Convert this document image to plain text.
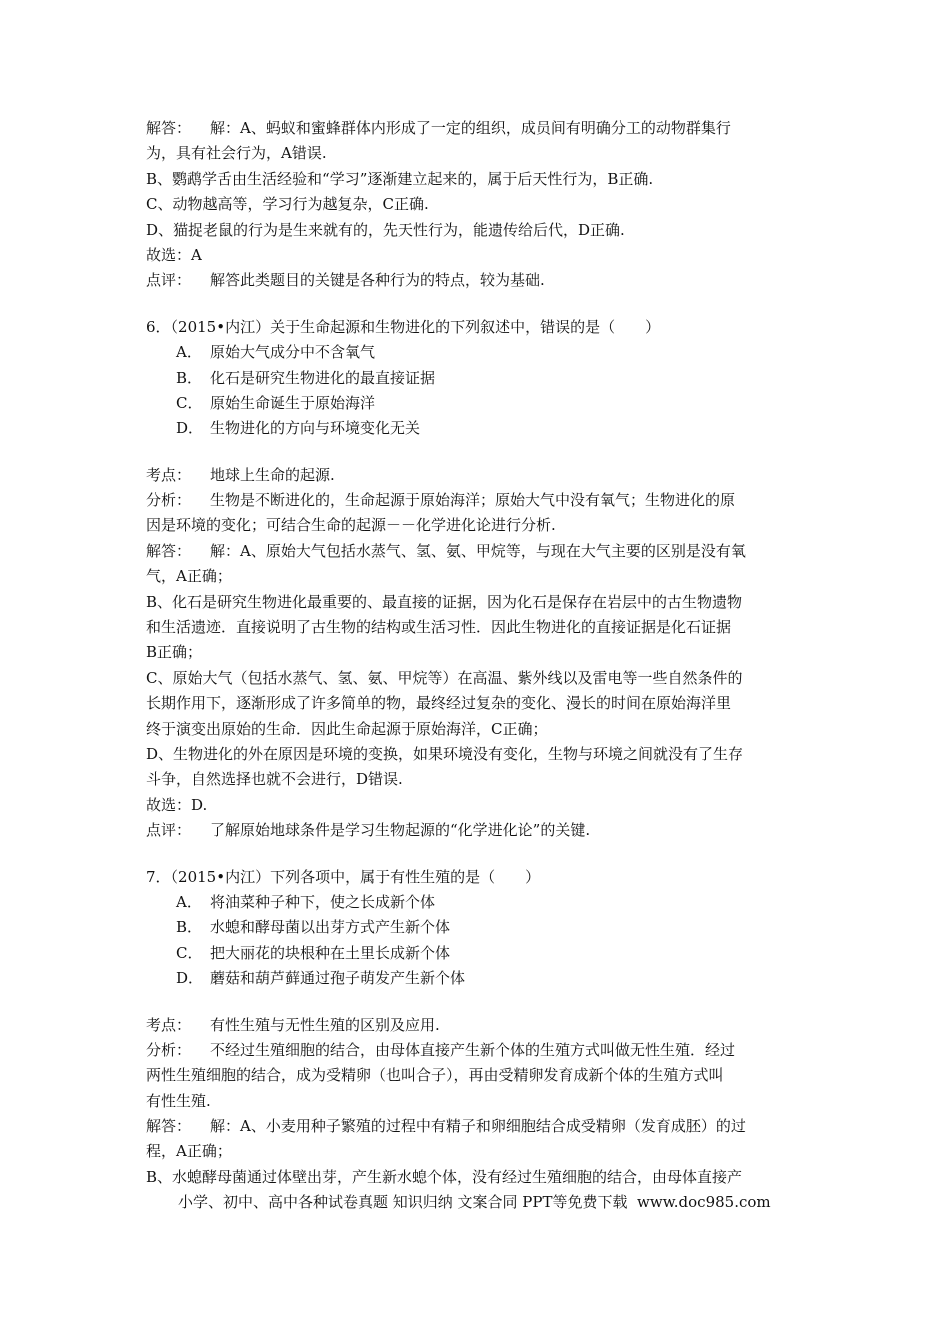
解答： 解：A、蚂蚁和蜜蜂群体内形成了一定的组织，成员间有明确分工的动物群集行
为，具有社会行为，A错误.
B、鹦鹉学舌由生活经验和“学习”逐渐建立起来的，属于后天性行为，B正确.
C、动物越高等，学习行为越复杂，C正确.
D、猫捉老鼠的行为是生来就有的，先天性行为，能遗传给后代，D正确.
故选：A
点评： 解答此类题目的关键是各种行为的特点，较为基础.
6．（2015•内江）关于生命起源和生物进化的下列叙述中，错误的是（　　）
A． 原始大气成分中不含氧气
B． 化石是研究生物进化的最直接证据
C． 原始生命诞生于原始海洋
D． 生物进化的方向与环境变化无关
考点： 地球上生命的起源.
分析： 生物是不断进化的，生命起源于原始海洋；原始大气中没有氧气；生物进化的原
因是环境的变化；可结合生命的起源－－化学进化论进行分析.
解答： 解：A、原始大气包括水蒸气、氢、氨、甲烷等，与现在大气主要的区别是没有氧
气，A正确；
B、化石是研究生物进化最重要的、最直接的证据，因为化石是保存在岩层中的古生物遗物
和生活遗迹．直接说明了古生物的结构或生活习性．因此生物进化的直接证据是化石证据
B正确；
C、原始大气（包括水蒸气、氢、氨、甲烷等）在高温、紫外线以及雷电等一些自然条件的
长期作用下，逐渐形成了许多简单的物，最终经过复杂的变化、漫长的时间在原始海洋里
终于演变出原始的生命．因此生命起源于原始海洋，C正确；
D、生物进化的外在原因是环境的变换，如果环境没有变化，生物与环境之间就没有了生存
斗争，自然选择也就不会进行，D错误.
故选：D.
点评： 了解原始地球条件是学习生物起源的“化学进化论”的关键.
7．（2015•内江）下列各项中，属于有性生殖的是（　　）
A． 将油菜种子种下，使之长成新个体
B． 水螅和酵母菌以出芽方式产生新个体
C． 把大丽花的块根种在土里长成新个体
D． 蘑菇和葫芦藓通过孢子萌发产生新个体
考点： 有性生殖与无性生殖的区别及应用.
分析： 不经过生殖细胞的结合，由母体直接产生新个体的生殖方式叫做无性生殖．经过
两性生殖细胞的结合，成为受精卵（也叫合子），再由受精卵发育成新个体的生殖方式叫
有性生殖.
解答： 解：A、小麦用种子繁殖的过程中有精子和卵细胞结合成受精卵（发育成胚）的过
程，A正确；
B、水螅酵母菌通过体壁出芽，产生新水螅个体，没有经过生殖细胞的结合，由母体直接产
小学、初中、高中各种试卷真题 知识归纳 文案合同 PPT等免费下载 www.doc985.com
